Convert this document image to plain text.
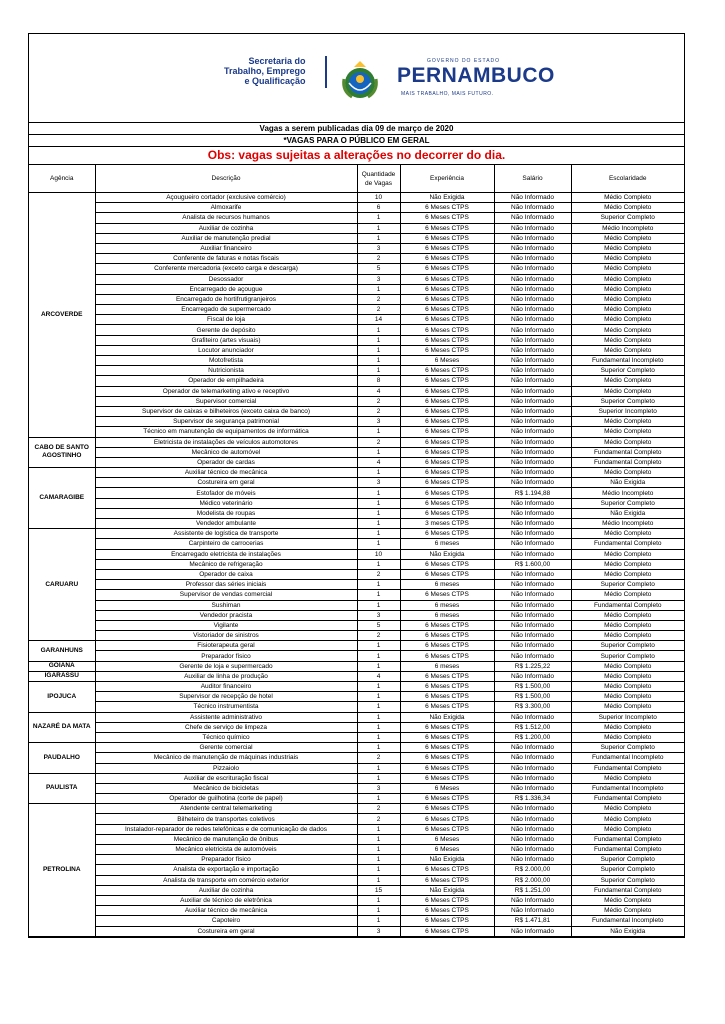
Secretaria do
Trabalho, Emprego
e Qualificação
GOVERNO DO ESTADO
PERNAMBUCO
MAIS TRABALHO, MAIS FUTURO.
Vagas a serem publicadas dia 09 de março de 2020
*VAGAS PARA O PÚBLICO EM GERAL
Obs: vagas sujeitas a alterações no decorrer do dia.
Agência	Descrição	Quantidade de Vagas	Experiência	Salário	Escolaridade
ARCOVERDE	Açougueiro cortador (exclusive comércio)	10	Não Exigida	Não Informado	Médio Completo
	Almoxarife	6	6 Meses CTPS	Não Informado	Médio Completo
	Analista de recursos humanos	1	6 Meses CTPS	Não Informado	Superior Completo
	Auxiliar de cozinha	1	6 Meses CTPS	Não Informado	Médio Incompleto
	Auxiliar de manutenção predial	1	6 Meses CTPS	Não Informado	Médio Completo
	Auxiliar financeiro	3	6 Meses CTPS	Não Informado	Médio Completo
	Conferente de faturas e notas fiscais	2	6 Meses CTPS	Não Informado	Médio Completo
	Conferente mercadoria (exceto carga e descarga)	5	6 Meses CTPS	Não Informado	Médio Completo
	Desossador	3	6 Meses CTPS	Não Informado	Médio Completo
	Encarregado de açougue	1	6 Meses CTPS	Não Informado	Médio Completo
	Encarregado de hortifrutigranjeiros	2	6 Meses CTPS	Não Informado	Médio Completo
	Encarregado de supermercado	2	6 Meses CTPS	Não Informado	Médio Completo
	Fiscal de loja	14	6 Meses CTPS	Não Informado	Médio Completo
	Gerente de depósito	1	6 Meses CTPS	Não Informado	Médio Completo
	Grafiteiro (artes visuais)	1	6 Meses CTPS	Não Informado	Médio Completo
	Locutor anunciador	1	6 Meses CTPS	Não Informado	Médio Completo
	Motofretista	1	6 Meses	Não Informado	Fundamental Incompleto
	Nutricionista	1	6 Meses CTPS	Não Informado	Superior Completo
	Operador de empilhadeira	8	6 Meses CTPS	Não Informado	Médio Completo
	Operador de telemarketing ativo e receptivo	4	6 Meses CTPS	Não Informado	Médio Completo
	Supervisor comercial	2	6 Meses CTPS	Não Informado	Superior Completo
	Supervisor de caixas e bilheteiros (exceto caixa de banco)	2	6 Meses CTPS	Não Informado	Superior Incompleto
	Supervisor de segurança patrimonial	3	6 Meses CTPS	Não Informado	Médio Completo
	Técnico em manutenção de equipamentos de informática	1	6 Meses CTPS	Não Informado	Médio Completo
CABO DE SANTO AGOSTINHO	Eletricista de instalações de veículos automotores	2	6 Meses CTPS	Não Informado	Médio Completo
	Mecânico de automóvel	1	6 Meses CTPS	Não Informado	Fundamental Completo
	Operador de cardas	4	6 Meses CTPS	Não Informado	Fundamental Completo
CAMARAGIBE	Auxiliar técnico de mecânica	1	6 Meses CTPS	Não Informado	Médio Completo
	Costureira em geral	3	6 Meses CTPS	Não Informado	Não Exigida
	Estofador de móveis	1	6 Meses CTPS	R$ 1.194,88	Médio Incompleto
	Médico veterinário	1	6 Meses CTPS	Não Informado	Superior Completo
	Modelista de roupas	1	6 Meses CTPS	Não Informado	Não Exigida
	Vendedor ambulante	1	3 meses CTPS	Não Informado	Médio Incompleto
CARUARU	Assistente de logística de transporte	1	6 Meses CTPS	Não Informado	Médio Completo
	Carpinteiro de carrocerias	1	6 meses	Não Informado	Fundamental Completo
	Encarregado eletricista de instalações	10	Não Exigida	Não Informado	Médio Completo
	Mecânico de refrigeração	1	6 Meses CTPS	R$ 1.600,00	Médio Completo
	Operador de caixa	2	6 Meses CTPS	Não Informado	Médio Completo
	Professor das séries iniciais	1	6 meses	Não Informado	Superior Completo
	Supervisor de vendas comercial	1	6 Meses CTPS	Não Informado	Médio Completo
	Sushiman	1	6 meses	Não Informado	Fundamental Completo
	Vendedor pracista	3	6 meses	Não Informado	Médio Completo
	Vigilante	5	6 Meses CTPS	Não Informado	Médio Completo
	Vistoriador de sinistros	2	6 Meses CTPS	Não Informado	Médio Completo
GARANHUNS	Fisioterapeuta geral	1	6 Meses CTPS	Não Informado	Superior Completo
	Preparador físico	1	6 Meses CTPS	Não Informado	Superior Completo
GOIANA	Gerente de loja e supermercado	1	6 meses	R$ 1.225,22	Médio Completo
IGARASSU	Auxiliar de linha de produção	4	6 Meses CTPS	Não Informado	Médio Completo
IPOJUCA	Auditor financeiro	1	6 Meses CTPS	R$ 1.500,00	Médio Completo
	Supervisor de recepção de hotel	1	6 Meses CTPS	R$ 1.500,00	Médio Completo
	Técnico instrumentista	1	6 Meses CTPS	R$ 3.300,00	Médio Completo
NAZARÉ DA MATA	Assistente administrativo	1	Não Exigida	Não Informado	Superior Incompleto
	Chefe de serviço de limpeza	1	6 Meses CTPS	R$ 1.512,00	Médio Completo
	Técnico químico	1	6 Meses CTPS	R$ 1.200,00	Médio Completo
PAUDALHO	Gerente comercial	1	6 Meses CTPS	Não Informado	Superior Completo
	Mecânico de manutenção de máquinas industriais	2	6 Meses CTPS	Não Informado	Fundamental Incompleto
	Pizzaiolo	1	6 Meses CTPS	Não Informado	Fundamental Completo
PAULISTA	Auxiliar de escrituração fiscal	1	6 Meses CTPS	Não Informado	Médio Completo
	Mecânico de bicicletas	3	6 Meses	Não Informado	Fundamental Incompleto
	Operador de guilhotina (corte de papel)	1	6 Meses CTPS	R$ 1.336,34	Fundamental Completo
PETROLINA	Atendente central telemarketing	2	6 Meses CTPS	Não Informado	Médio Completo
	Bilheteiro de transportes coletivos	2	6 Meses CTPS	Não Informado	Médio Completo
	Instalador-reparador de redes telefônicas e de comunicação de dados	1	6 Meses CTPS	Não Informado	Médio Completo
	Mecânico de manutenção de ônibus	1	6 Meses	Não Informado	Fundamental Completo
	Mecânico eletricista de automóveis	1	6 Meses	Não Informado	Fundamental Completo
	Preparador físico	1	Não Exigida	Não Informado	Superior Completo
	Analista de exportação e importação	1	6 Meses CTPS	R$ 2.000,00	Superior Completo
	Analista de transporte em comércio exterior	1	6 Meses CTPS	R$ 2.000,00	Superior Completo
	Auxiliar de cozinha	15	Não Exigida	R$ 1.251,00	Fundamental Completo
	Auxiliar de técnico de eletrônica	1	6 Meses CTPS	Não Informado	Médio Completo
	Auxiliar técnico de mecânica	1	6 Meses CTPS	Não Informado	Médio Completo
	Capoteiro	1	6 Meses CTPS	R$ 1.471,81	Fundamental Incompleto
	Costureira em geral	3	6 Meses CTPS	Não Informado	Não Exigida
